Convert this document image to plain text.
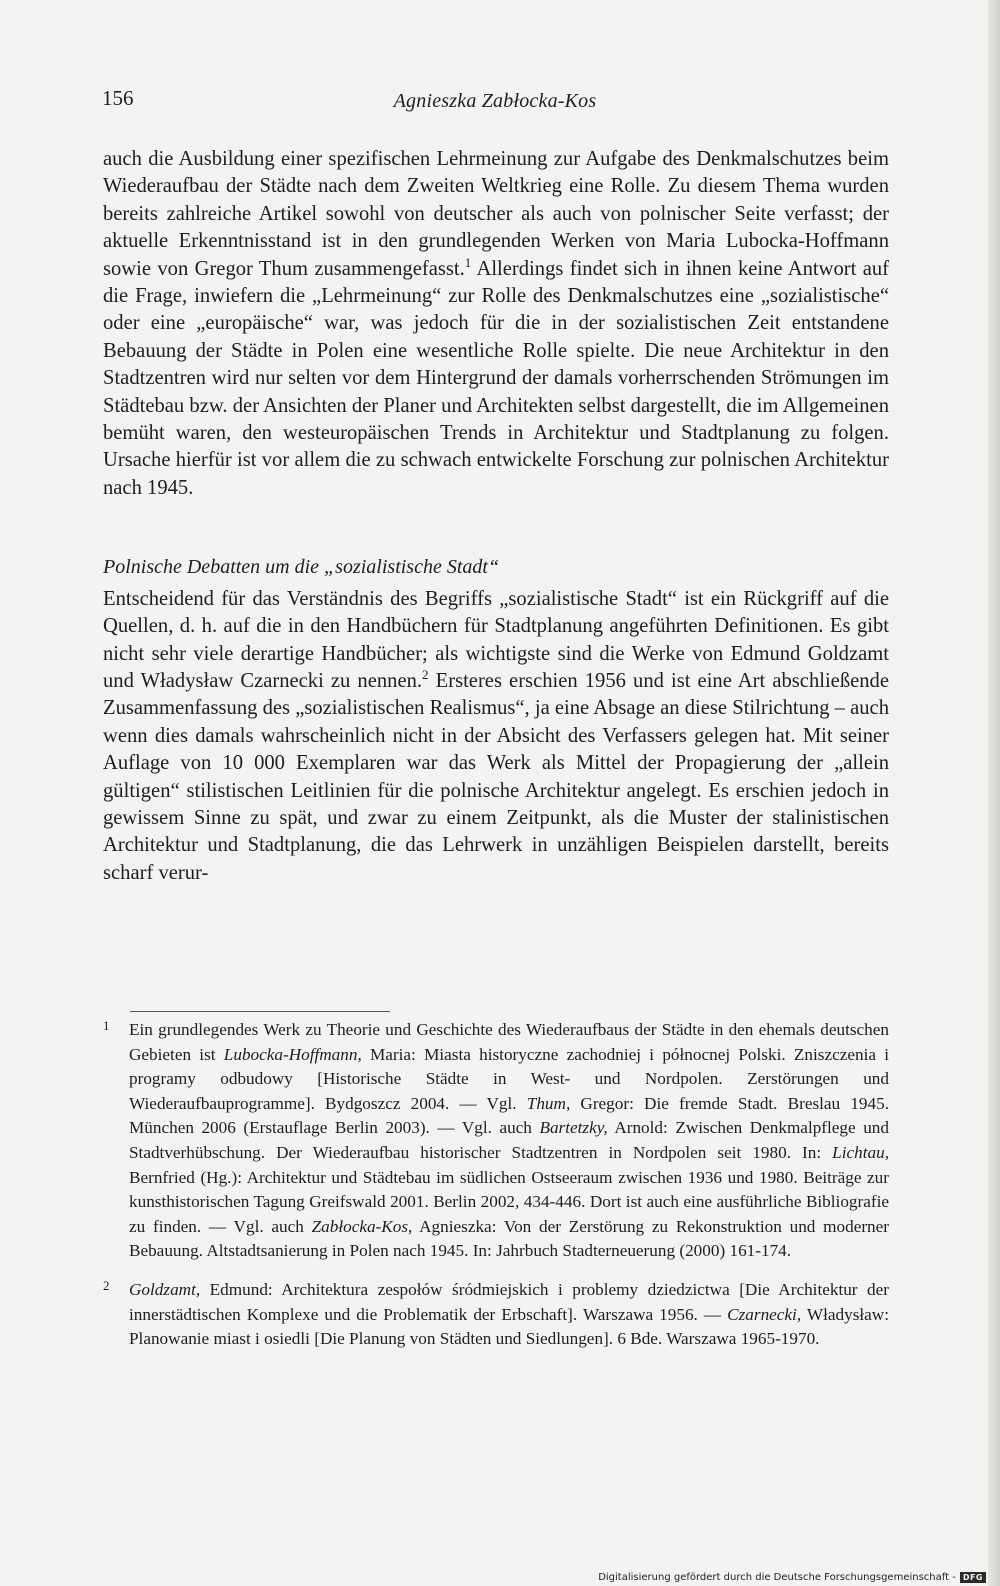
156	Agnieszka Zabłocka-Kos

auch die Ausbildung einer spezifischen Lehrmeinung zur Aufgabe des Denkmalschutzes beim Wiederaufbau der Städte nach dem Zweiten Weltkrieg eine Rolle. Zu diesem Thema wurden bereits zahlreiche Artikel sowohl von deutscher als auch von polnischer Seite verfasst; der aktuelle Erkenntnisstand ist in den grundlegenden Werken von Maria Lubocka-Hoffmann sowie von Gregor Thum zusammengefasst.$^1$ Allerdings findet sich in ihnen keine Antwort auf die Frage, inwiefern die „Lehrmeinung“ zur Rolle des Denkmalschutzes eine „sozialistische“ oder eine „europäische“ war, was jedoch für die in der sozialistischen Zeit entstandene Bebauung der Städte in Polen eine wesentliche Rolle spielte. Die neue Architektur in den Stadtzentren wird nur selten vor dem Hintergrund der damals vorherrschenden Strömungen im Städtebau bzw. der Ansichten der Planer und Architekten selbst dargestellt, die im Allgemeinen bemüht waren, den westeuropäischen Trends in Architektur und Stadtplanung zu folgen. Ursache hierfür ist vor allem die zu schwach entwickelte Forschung zur polnischen Architektur nach 1945.

Polnische Debatten um die „sozialistische Stadt“

Entscheidend für das Verständnis des Begriffs „sozialistische Stadt“ ist ein Rückgriff auf die Quellen, d. h. auf die in den Handbüchern für Stadtplanung angeführten Definitionen. Es gibt nicht sehr viele derartige Handbücher; als wichtigste sind die Werke von Edmund Goldzamt und Władysław Czarnecki zu nennen.$^2$ Ersteres erschien 1956 und ist eine Art abschließende Zusammenfassung des „sozialistischen Realismus“, ja eine Absage an diese Stilrichtung – auch wenn dies damals wahrscheinlich nicht in der Absicht des Verfassers gelegen hat. Mit seiner Auflage von 10 000 Exemplaren war das Werk als Mittel der Propagierung der „allein gültigen“ stilistischen Leitlinien für die polnische Architektur angelegt. Es erschien jedoch in gewissem Sinne zu spät, und zwar zu einem Zeitpunkt, als die Muster der stalinistischen Architektur und Stadtplanung, die das Lehrwerk in unzähligen Beispielen darstellt, bereits scharf verur-

1 Ein grundlegendes Werk zu Theorie und Geschichte des Wiederaufbaus der Städte in den ehemals deutschen Gebieten ist Lubocka-Hoffmann, Maria: Miasta historyczne zachodniej i północnej Polski. Zniszczenia i programy odbudowy [Historische Städte in West- und Nordpolen. Zerstörungen und Wiederaufbauprogramme]. Bydgoszcz 2004. — Vgl. Thum, Gregor: Die fremde Stadt. Breslau 1945. München 2006 (Erstauflage Berlin 2003). — Vgl. auch Bartetzky, Arnold: Zwischen Denkmalpflege und Stadtverhübschung. Der Wiederaufbau historischer Stadtzentren in Nordpolen seit 1980. In: Lichtau, Bernfried (Hg.): Architektur und Städtebau im südlichen Ostseeraum zwischen 1936 und 1980. Beiträge zur kunsthistorischen Tagung Greifswald 2001. Berlin 2002, 434-446. Dort ist auch eine ausführliche Bibliografie zu finden. — Vgl. auch Zabłocka-Kos, Agnieszka: Von der Zerstörung zu Rekonstruktion und moderner Bebauung. Altstadtsanierung in Polen nach 1945. In: Jahrbuch Stadterneuerung (2000) 161-174.
2 Goldzamt, Edmund: Architektura zespołów śródmiejskich i problemy dziedzictwa [Die Architektur der innerstädtischen Komplexe und die Problematik der Erbschaft]. Warszawa 1956. — Czarnecki, Władysław: Planowanie miast i osiedli [Die Planung von Städten und Siedlungen]. 6 Bde. Warszawa 1965-1970.
Digitalisierung gefördert durch die Deutsche Forschungsgemeinschaft - DFG
